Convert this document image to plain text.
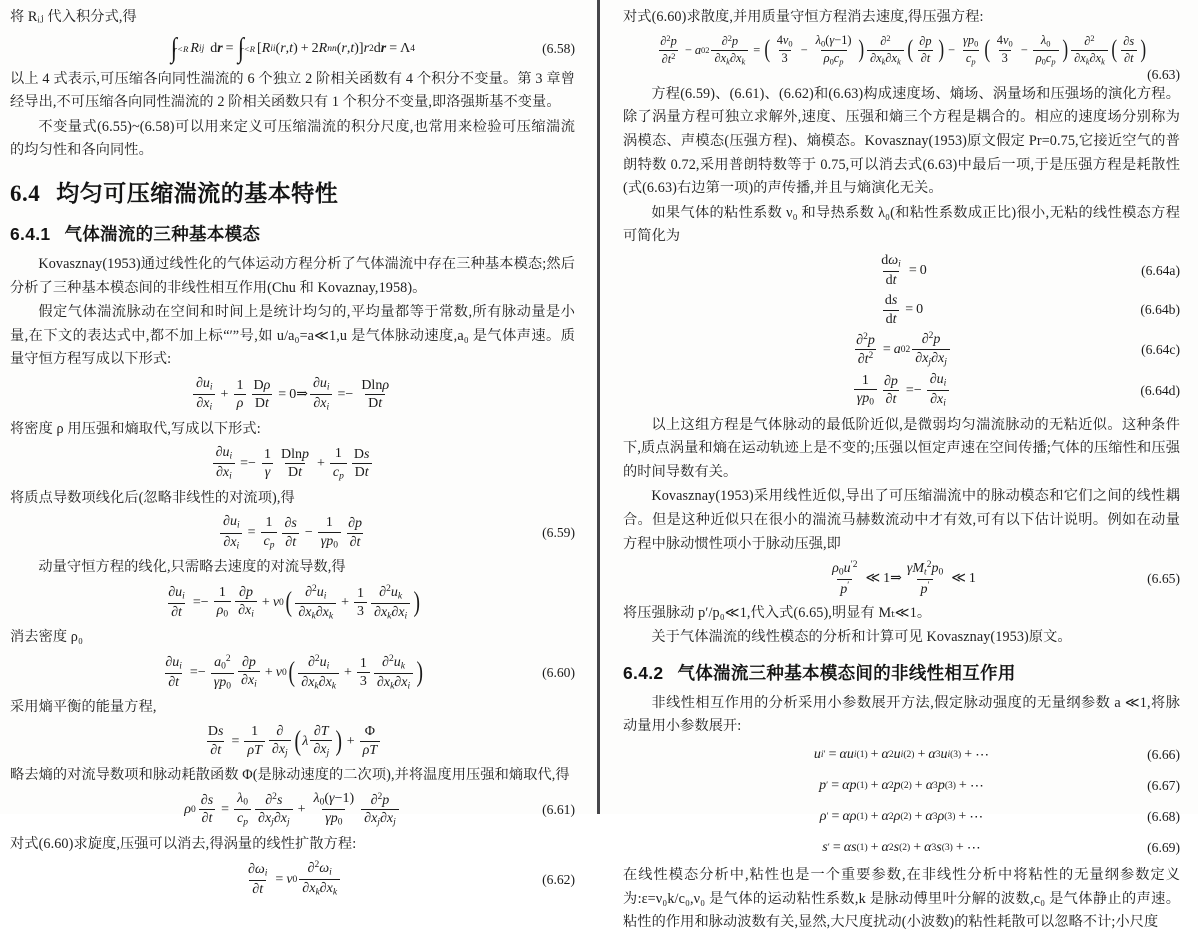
将 Rᵢⱼ 代入积分式,得

∫
r<R R ij d r = ∫
r<R [ R ii ( r , t ) + 2 R nn ( r , t )] r 2 d r = Λ 4	(6.58)

以上 4 式表示,可压缩各向同性湍流的 6 个独立 2 阶相关函数有 4 个积分不变量。第 3 章曾经导出,不可压缩各向同性湍流的 2 阶相关函数只有 1 个积分不变量,即洛强斯基不变量。

不变量式(6.55)~(6.58)可以用来定义可压缩湍流的积分尺度,也常用来检验可压缩湍流的均匀性和各向同性。

6.4 均匀可压缩湍流的基本特性
6.4.1 气体湍流的三种基本模态

Kovasznay(1953)通过线性化的气体运动方程分析了气体湍流中存在三种基本模态;然后分析了三种基本模态间的非线性相互作用(Chu 和 Kovaznay,1958)。

假定气体湍流脉动在空间和时间上是统计均匀的,平均量都等于常数,所有脉动量是小量,在下文的表达式中,都不加上标“′”号,如 u/a₀=a≪1,u 是气体脉动速度,a₀ 是气体声速。质量守恒方程写成以下形式:

$\frac{\partial u_i}{\partial x_i} + \frac{1}{\rho} \frac{D\rho}{Dt}$ = 0⇒ $\frac{\partial u_i}{\partial x_i} =- \frac{Dln\rho}{Dt}$

将密度 ρ 用压强和熵取代,写成以下形式:

$\frac{\partial u_i}{\partial x_i} =- \frac{1}{\gamma} \frac{Dlnp}{Dt} + \frac{1}{c_p} \frac{Ds}{Dt}$

将质点导数项线化后(忽略非线性的对流项),得

$\frac{\partial u_i}{\partial x_i} = \frac{1}{c_p} \frac{\partial s}{\partial t} - \frac{1}{\gamma p_0} \frac{\partial p}{\partial t}$	(6.59)

动量守恒方程的线化,只需略去速度的对流导数,得

$\frac{\partial u_i}{\partial t} =- \frac{1}{\rho_0} \frac{\partial p}{\partial x_i} + \nu$ 0 ( $\frac{\partial^2u_i}{\partial x_k\partial x_k} + \frac{1}{3} \frac{\partial^2u_k}{\partial x_k\partial x_i}$ )

消去密度 ρ₀

$\frac{\partial u_i}{\partial t} =- \frac{a_0^2}{\gamma p_0} \frac{\partial p}{\partial x_i} + \nu$ 0 ( $\frac{\partial^2u_i}{\partial x_k\partial x_k} + \frac{1}{3} \frac{\partial^2u_k}{\partial x_k\partial x_i}$ )	(6.60)

采用熵平衡的能量方程,

$\frac{Ds}{\partial t} = \frac{1}{\rho T} \frac{\partial}{\partial x_j}$ ( λ $\frac{\partial T}{\partial x_j}$ ) + $\frac{\Phi}{\rho T}$

略去熵的对流导数项和脉动耗散函数 Φ(是脉动速度的二次项),并将温度用压强和熵取代,得

ρ $0 \frac{\partial s}{\partial t} = \frac{\lambda_0}{c_p} \frac{\partial^2s}{\partial x_j\partial x_j} + \frac{\lambda_0(\gamma-1)}{\gamma p_0} \frac{\partial^2p}{\partial x_j\partial x_j}$	(6.61)

对式(6.60)求旋度,压强可以消去,得涡量的线性扩散方程:

$\frac{\partial\omega_i}{\partial t} = \nu$ $0 \frac{\partial^2\omega_i}{\partial x_k\partial x_k}$	(6.62)

对式(6.60)求散度,并用质量守恒方程消去速度,得压强方程:

$\frac{\partial^2p}{\partial t^2} - a$ 0 $2 \frac{\partial^2p}{\partial x_k\partial x_k}$ = ( $\frac{4\nu_0}{3} - \frac{\lambda_0(\gamma-1)}{\rho_0c_p}$ ) $\frac{\partial^2}{\partial x_k\partial x_k}$ ( $\frac{\partial p}{\partial t}$ ) − $\frac{\gamma p_0}{c_p}$ ( $\frac{4\nu_0}{3} - \frac{\lambda_0}{\rho_0c_p}$ ) $\frac{\partial^2}{\partial x_k\partial x_k}$ ( $\frac{\partial s}{\partial t}$ )
(6.63)

方程(6.59)、(6.61)、(6.62)和(6.63)构成速度场、熵场、涡量场和压强场的演化方程。除了涡量方程可独立求解外,速度、压强和熵三个方程是耦合的。相应的速度场分别称为涡模态、声模态(压强方程)、熵模态。Kovasznay(1953)原文假定 Pr=0.75,它接近空气的普朗特数 0.72,采用普朗特数等于 0.75,可以消去式(6.63)中最后一项,于是压强方程是耗散性(式(6.63)右边第一项)的声传播,并且与熵演化无关。

如果气体的粘性系数 ν₀ 和导热系数 λ₀(和粘性系数成正比)很小,无粘的线性模态方程可简化为

$\frac{d\omega_i}{dt} = 0$	(6.64a)
$\frac{ds}{dt} = 0$	(6.64b)
$\frac{\partial^2p}{\partial t^2} = a$ 0 $2 \frac{\partial^2p}{\partial x_j\partial x_j}$	(6.64c)
$\frac{1}{\gamma p_0} \frac{\partial p}{\partial t} =- \frac{\partial u_i}{\partial x_i}$	(6.64d)

以上这组方程是气体脉动的最低阶近似,是微弱均匀湍流脉动的无粘近似。这种条件下,质点涡量和熵在运动轨迹上是不变的;压强以恒定声速在空间传播;气体的压缩性和压强的时间导数有关。

Kovasznay(1953)采用线性近似,导出了可压缩湍流中的脉动模态和它们之间的线性耦合。但是这种近似只在很小的湍流马赫数流动中才有效,可有以下估计说明。例如在动量方程中脉动惯性项小于脉动压强,即

$\frac{\rho_0u^{'2}}{p'}$ ≪ 1⇒ $\frac{\gamma M_t^2p_0}{p'}$ ≪ 1	(6.65)

将压强脉动 p′/p₀≪1,代入式(6.65),明显有 Mₜ≪1。

关于气体湍流的线性模态的分析和计算可见 Kovasznay(1953)原文。

6.4.2 气体湍流三种基本模态间的非线性相互作用

非线性相互作用的分析采用小参数展开方法,假定脉动强度的无量纲参数 a ≪1,将脉动量用小参数展开:

u i ′ = αu i (1) + α 2 u i (2) + α 3 u i (3) + ⋯	(6.66)
p ′ = αp (1) + α 2 p (2) + α 3 p (3) + ⋯	(6.67)
ρ ′ = αρ (1) + α 2 ρ (2) + α 3 ρ (3) + ⋯	(6.68)
s ′ = αs (1) + α 2 s (2) + α 3 s (3) + ⋯	(6.69)

在线性模态分析中,粘性也是一个重要参数,在非线性分析中将粘性的无量纲参数定义为:ε=ν₀k/c₀,ν₀ 是气体的运动粘性系数,k 是脉动傅里叶分解的波数,c₀ 是气体静止的声速。粘性的作用和脉动波数有关,显然,大尺度扰动(小波数)的粘性耗散可以忽略不计;小尺度
